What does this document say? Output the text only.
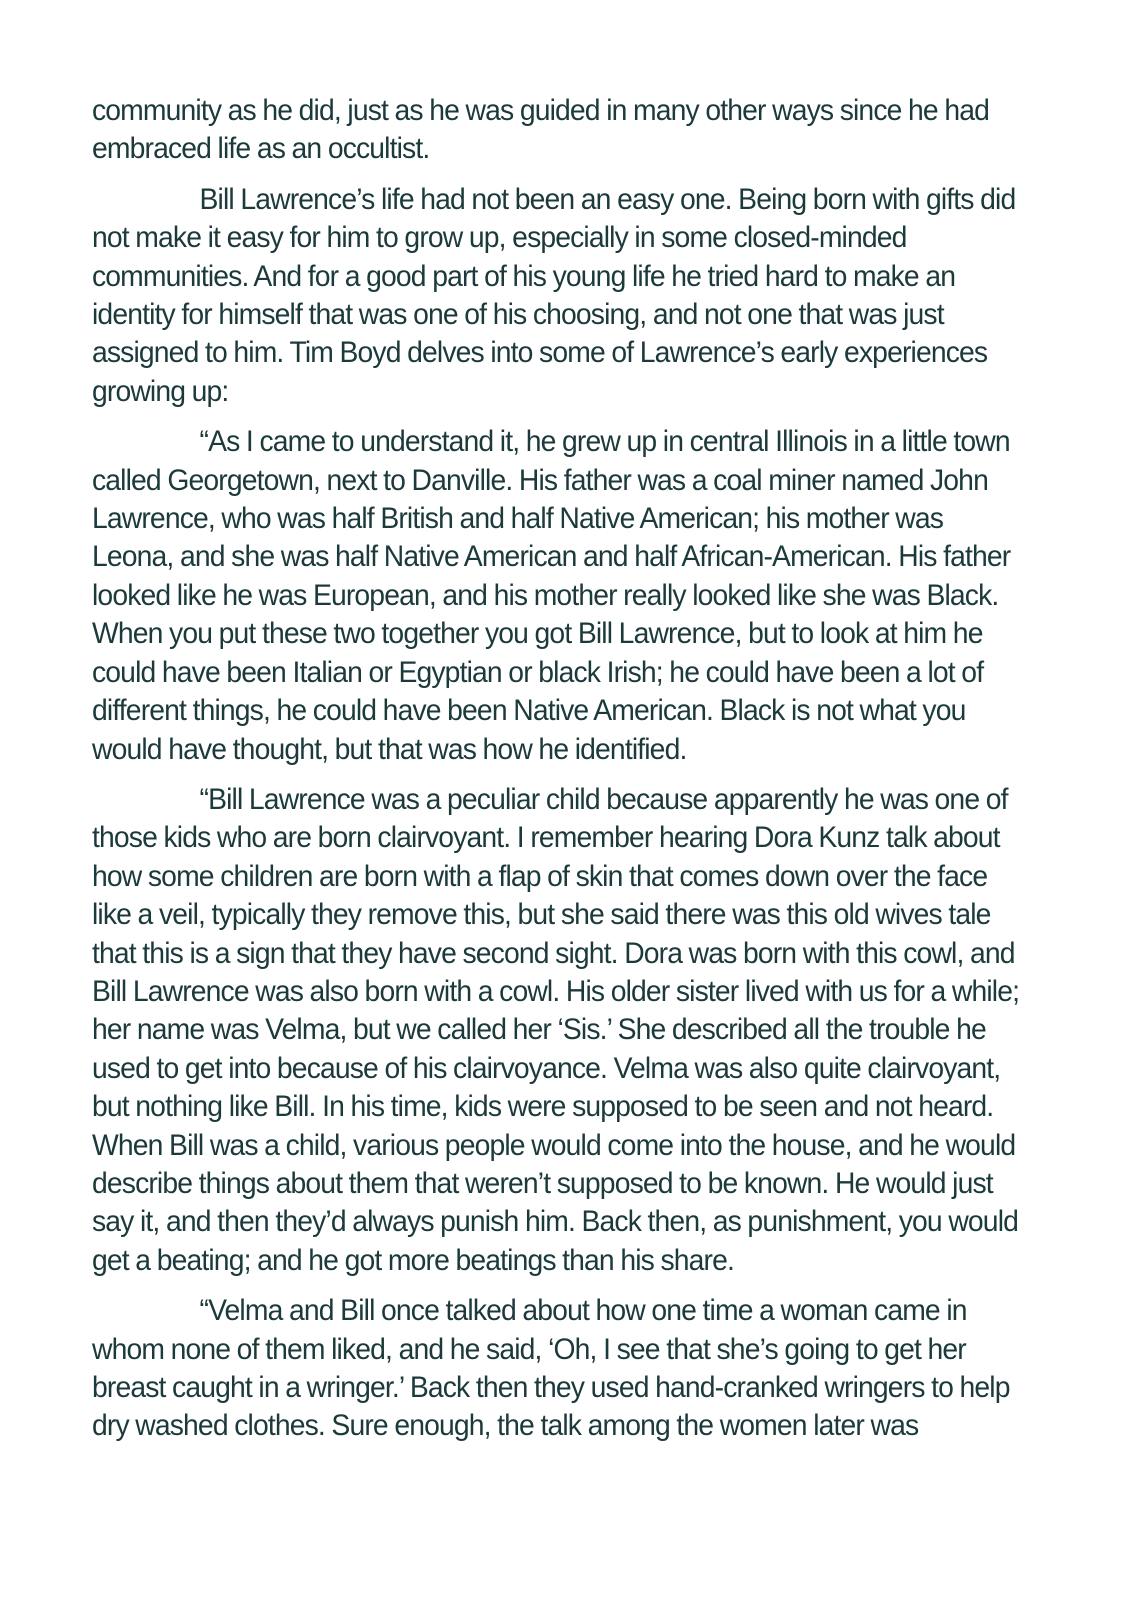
community as he did, just as he was guided in many other ways since he had embraced life as an occultist.

Bill Lawrence’s life had not been an easy one. Being born with gifts did not make it easy for him to grow up, especially in some closed-minded communities. And for a good part of his young life he tried hard to make an identity for himself that was one of his choosing, and not one that was just assigned to him. Tim Boyd delves into some of Lawrence’s early experiences growing up:

“As I came to understand it, he grew up in central Illinois in a little town called Georgetown, next to Danville. His father was a coal miner named John Lawrence, who was half British and half Native American; his mother was Leona, and she was half Native American and half African-American. His father looked like he was European, and his mother really looked like she was Black. When you put these two together you got Bill Lawrence, but to look at him he could have been Italian or Egyptian or black Irish; he could have been a lot of different things, he could have been Native American. Black is not what you would have thought, but that was how he identified.

“Bill Lawrence was a peculiar child because apparently he was one of those kids who are born clairvoyant. I remember hearing Dora Kunz talk about how some children are born with a flap of skin that comes down over the face like a veil, typically they remove this, but she said there was this old wives tale that this is a sign that they have second sight. Dora was born with this cowl, and Bill Lawrence was also born with a cowl. His older sister lived with us for a while; her name was Velma, but we called her ‘Sis.’ She described all the trouble he used to get into because of his clairvoyance. Velma was also quite clairvoyant, but nothing like Bill. In his time, kids were supposed to be seen and not heard. When Bill was a child, various people would come into the house, and he would describe things about them that weren’t supposed to be known. He would just say it, and then they’d always punish him. Back then, as punishment, you would get a beating; and he got more beatings than his share.

“Velma and Bill once talked about how one time a woman came in whom none of them liked, and he said, ‘Oh, I see that she’s going to get her breast caught in a wringer.’ Back then they used hand-cranked wringers to help dry washed clothes. Sure enough, the talk among the women later was
